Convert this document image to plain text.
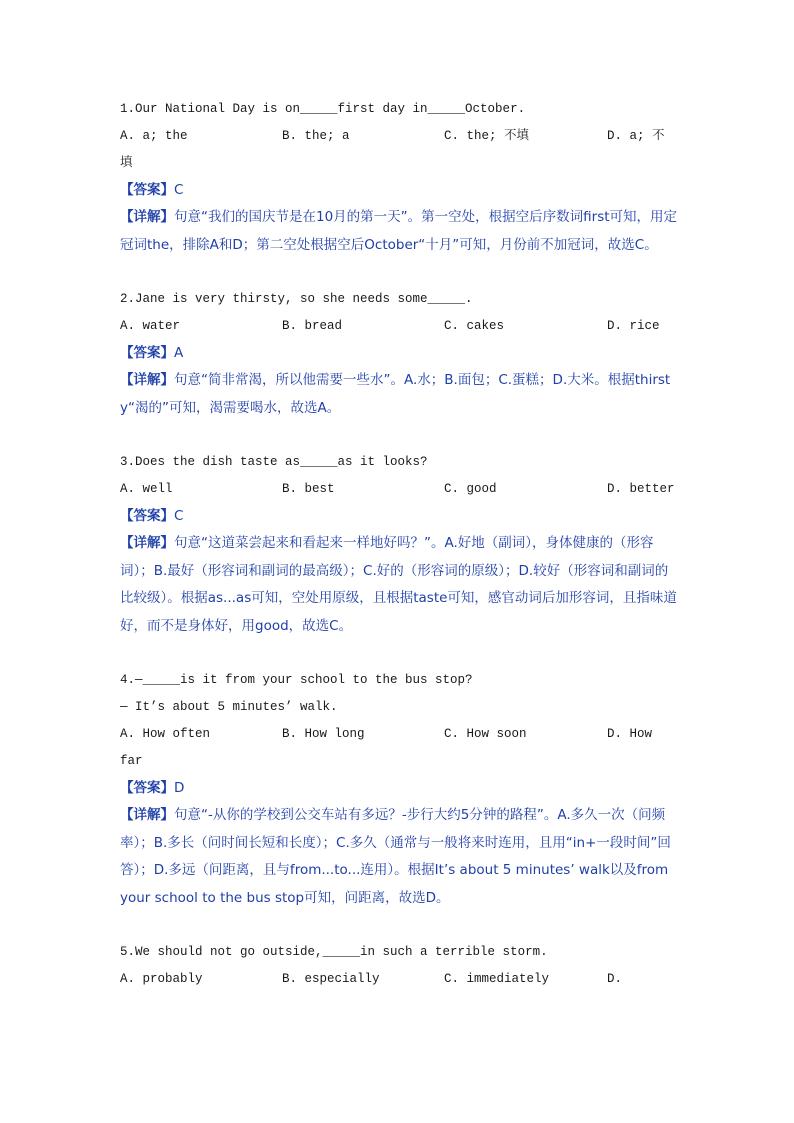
1.Our National Day is on_____first day in_____October.
A. a; the	B. the; a	C. the; 不填	D. a; 不
填
【答案】C
【详解】句意“我们的国庆节是在10月的第一天”。第一空处，根据空后序数词first可知，用定冠词the，排除A和D；第二空处根据空后October“十月”可知，月份前不加冠词，故选C。
2.Jane is very thirsty, so she needs some_____.
A. water	B. bread	C. cakes	D. rice
【答案】A
【详解】句意“简非常渴，所以他需要一些水”。A.水；B.面包；C.蛋糕；D.大米。根据thirsty“渴的”可知，渴需要喝水，故选A。
3.Does the dish taste as_____as it looks?
A. well	B. best	C. good	D. better
【答案】C
【详解】句意“这道菜尝起来和看起来一样地好吗？”。A.好地（副词），身体健康的（形容词）；B.最好（形容词和副词的最高级）；C.好的（形容词的原级）；D.较好（形容词和副词的比较级）。根据as...as可知，空处用原级，且根据taste可知，感官动词后加形容词，且指味道好，而不是身体好，用good，故选C。
4.—_____is it from your school to the bus stop?
— It’s about 5 minutes’ walk.
A. How often	B. How long	C. How soon	D. How
far
【答案】D
【详解】句意“-从你的学校到公交车站有多远？-步行大约5分钟的路程”。A.多久一次（问频率）；B.多长（问时间长短和长度）；C.多久（通常与一般将来时连用，且用“in+一段时间”回答）；D.多远（问距离，且与from...to...连用）。根据It’s about 5 minutes’ walk以及from your school to the bus stop可知，问距离，故选D。
5.We should not go outside,_____in such a terrible storm.
A. probably	B. especially	C. immediately	D.
